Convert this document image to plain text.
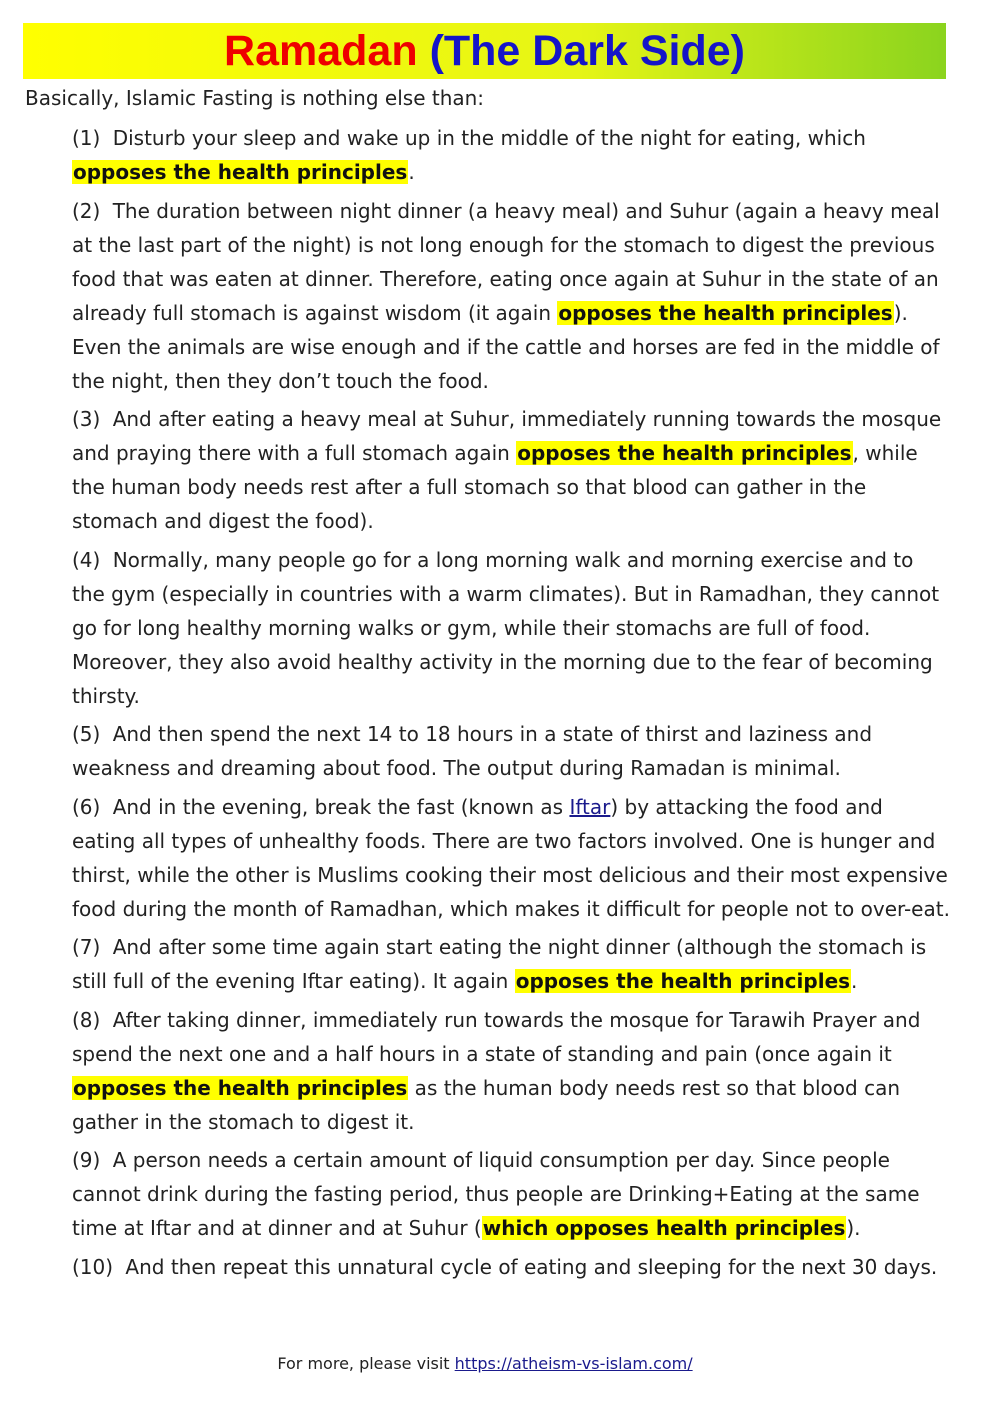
Ramadan (The Dark Side)
Basically, Islamic Fasting is nothing else than:
(1) Disturb your sleep and wake up in the middle of the night for eating, which opposes the health principles.
(2) The duration between night dinner (a heavy meal) and Suhur (again a heavy meal at the last part of the night) is not long enough for the stomach to digest the previous food that was eaten at dinner. Therefore, eating once again at Suhur in the state of an already full stomach is against wisdom (it again opposes the health principles). Even the animals are wise enough and if the cattle and horses are fed in the middle of the night, then they don’t touch the food.
(3) And after eating a heavy meal at Suhur, immediately running towards the mosque and praying there with a full stomach again opposes the health principles, while the human body needs rest after a full stomach so that blood can gather in the stomach and digest the food).
(4) Normally, many people go for a long morning walk and morning exercise and to the gym (especially in countries with a warm climates). But in Ramadhan, they cannot go for long healthy morning walks or gym, while their stomachs are full of food. Moreover, they also avoid healthy activity in the morning due to the fear of becoming thirsty.
(5) And then spend the next 14 to 18 hours in a state of thirst and laziness and weakness and dreaming about food. The output during Ramadan is minimal.
(6) And in the evening, break the fast (known as Iftar) by attacking the food and eating all types of unhealthy foods. There are two factors involved. One is hunger and thirst, while the other is Muslims cooking their most delicious and their most expensive food during the month of Ramadhan, which makes it difficult for people not to over-eat.
(7) And after some time again start eating the night dinner (although the stomach is still full of the evening Iftar eating). It again opposes the health principles.
(8) After taking dinner, immediately run towards the mosque for Tarawih Prayer and spend the next one and a half hours in a state of standing and pain (once again it opposes the health principles as the human body needs rest so that blood can gather in the stomach to digest it.
(9) A person needs a certain amount of liquid consumption per day. Since people cannot drink during the fasting period, thus people are Drinking+Eating at the same time at Iftar and at dinner and at Suhur (which opposes health principles).
(10) And then repeat this unnatural cycle of eating and sleeping for the next 30 days.
For more, please visit https://atheism-vs-islam.com/
